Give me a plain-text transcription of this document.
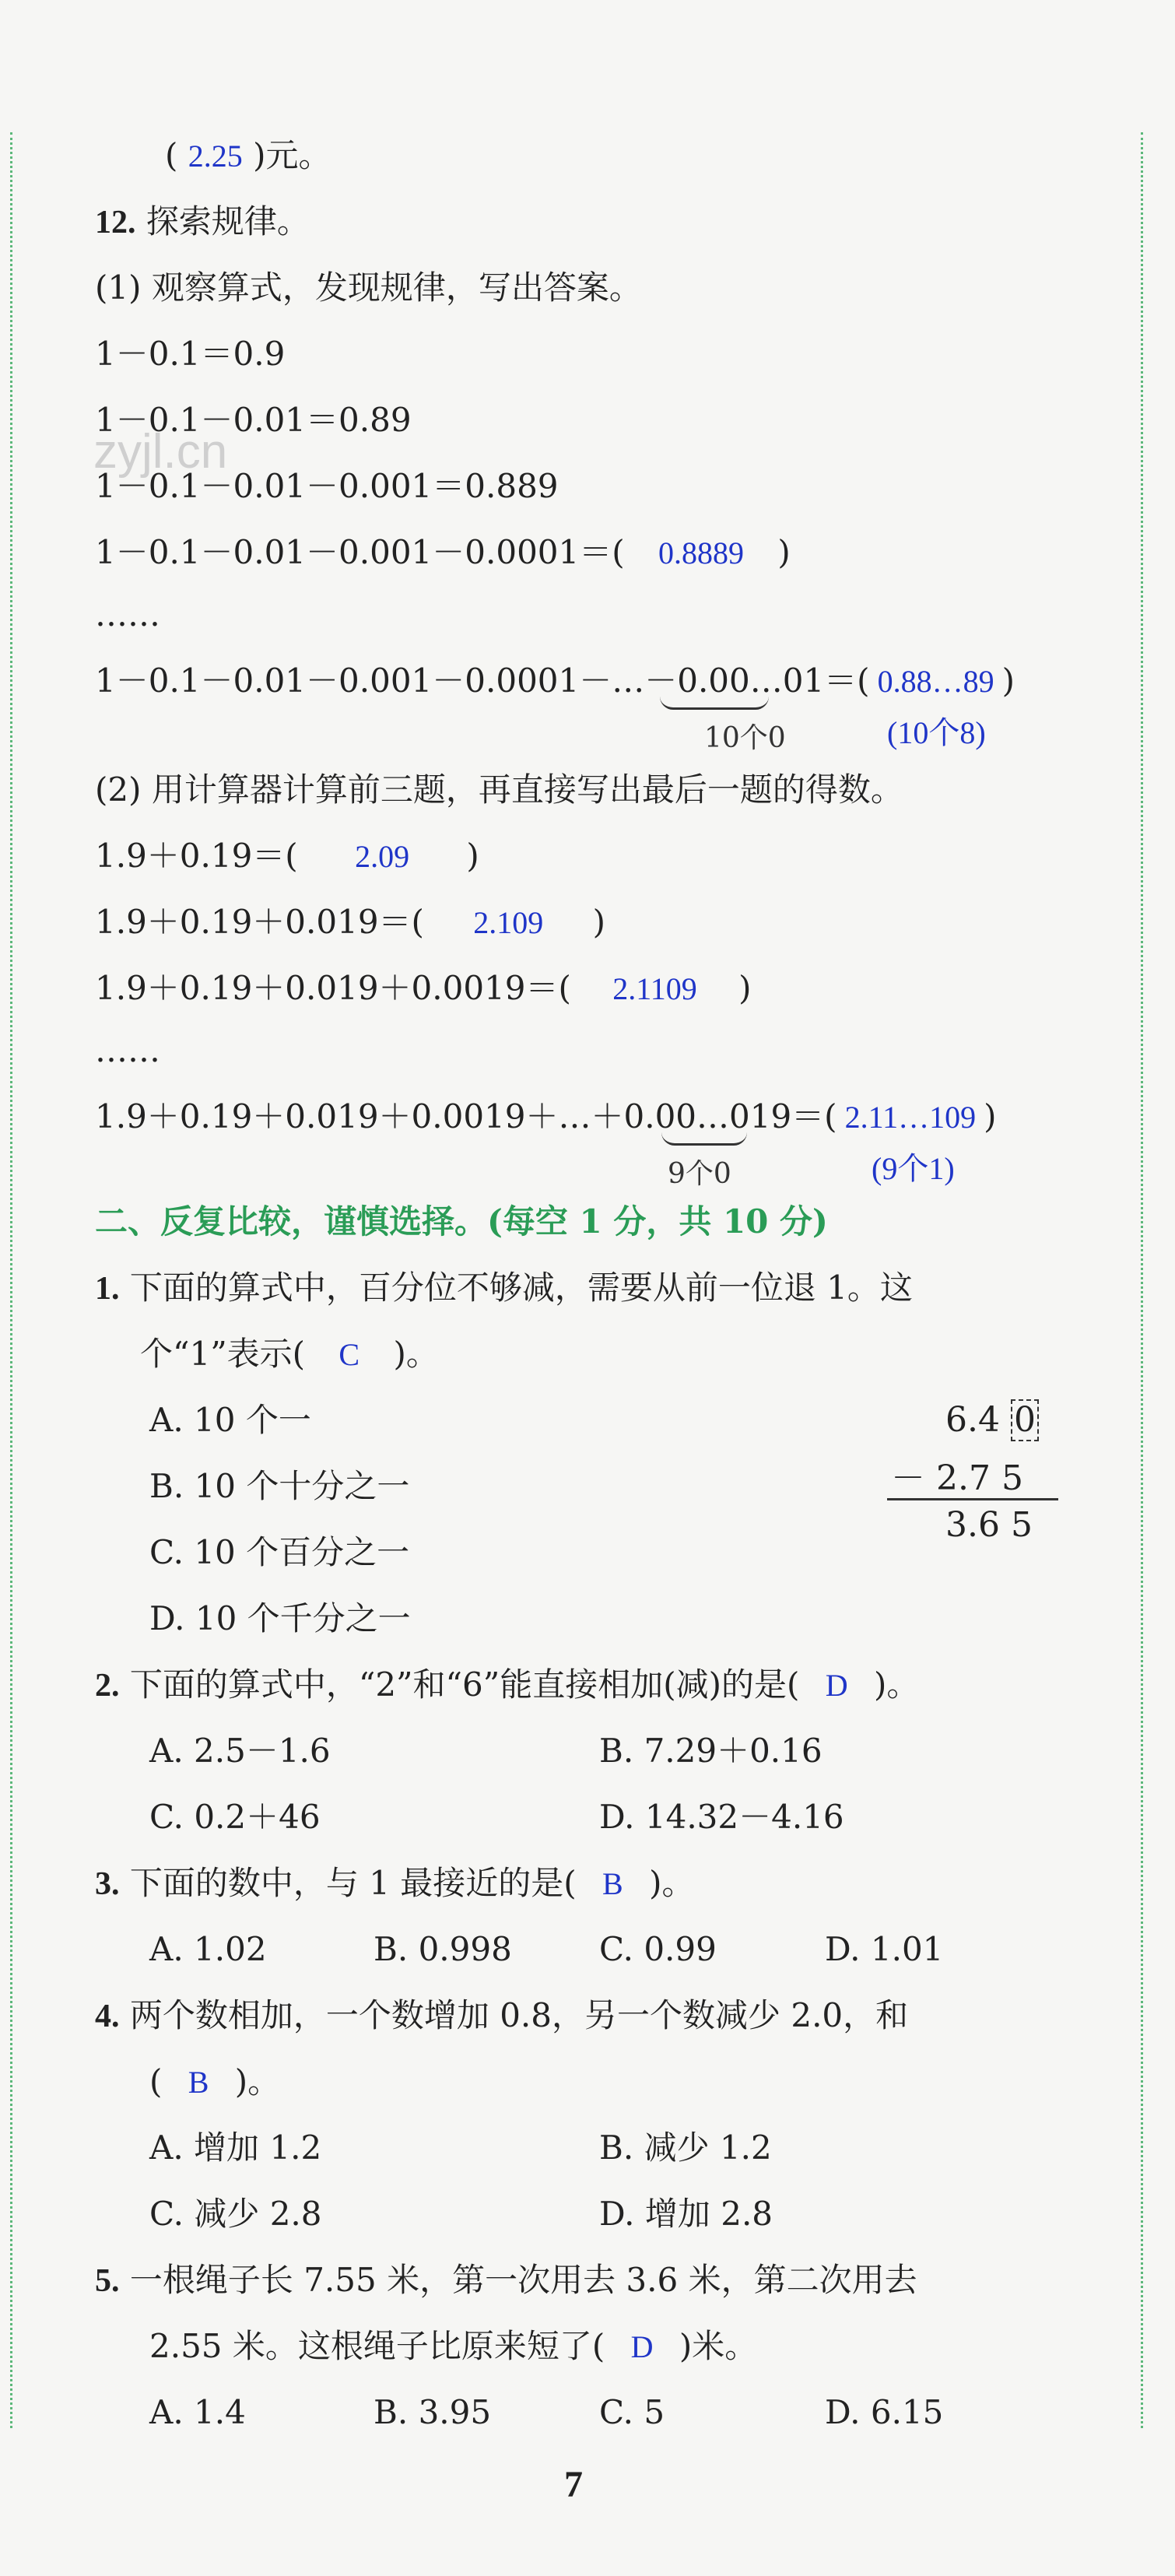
zyjl.cn
( 2.25 )元。
12. 探索规律。
(1) 观察算式，发现规律，写出答案。
1－0.1＝0.9
1－0.1－0.01＝0.89
1－0.1－0.01－0.001＝0.889
1－0.1－0.01－0.001－0.0001＝( 0.8889 )
……
1－0.1－0.01－0.001－0.0001－…－0.00…01＝( 0.88…89 )
10个0	(10个8)
(2) 用计算器计算前三题，再直接写出最后一题的得数。
1.9＋0.19＝( 2.09 )
1.9＋0.19＋0.019＝( 2.109 )
1.9＋0.19＋0.019＋0.0019＝( 2.1109 )
……
1.9＋0.19＋0.019＋0.0019＋…＋0.00…019＝( 2.11…109 )
9个0	(9个1)
二、反复比较，谨慎选择。(每空 1 分，共 10 分)
1. 下面的算式中，百分位不够减，需要从前一位退 1。这
个“1”表示( C )。
A. 10 个一
B. 10 个十分之一
C. 10 个百分之一
D. 10 个千分之一
6.4 0
－ 2.7 5
3.6 5
2. 下面的算式中，“2”和“6”能直接相加(减)的是( D )。
A. 2.5－1.6	B. 7.29＋0.16
C. 0.2＋46	D. 14.32－4.16
3. 下面的数中，与 1 最接近的是( B )。
A. 1.02	B. 0.998	C. 0.99	D. 1.01
4. 两个数相加，一个数增加 0.8，另一个数减少 2.0，和
( B )。
A. 增加 1.2	B. 减少 1.2
C. 减少 2.8	D. 增加 2.8
5. 一根绳子长 7.55 米，第一次用去 3.6 米，第二次用去
2.55 米。这根绳子比原来短了( D )米。
A. 1.4	B. 3.95	C. 5	D. 6.15
7
